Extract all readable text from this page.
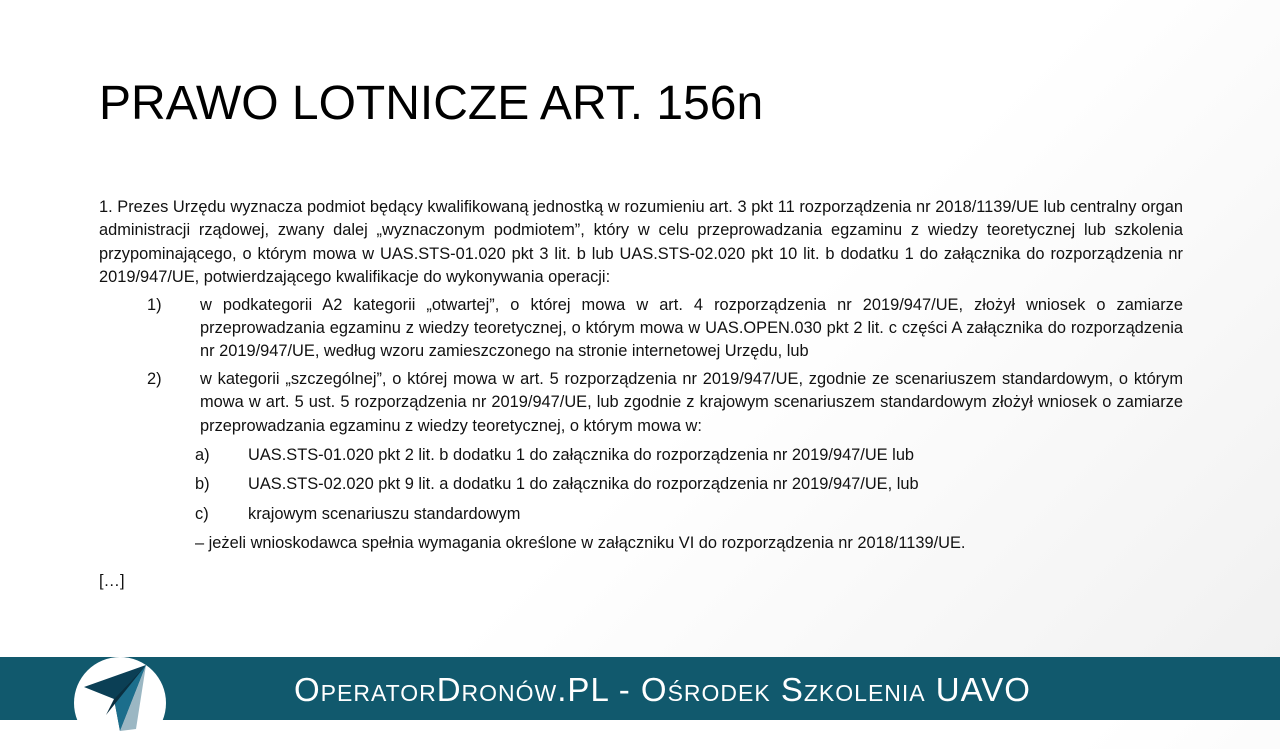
PRAWO LOTNICZE ART. 156n

1. Prezes Urzędu wyznacza podmiot będący kwalifikowaną jednostką w rozumieniu art. 3 pkt 11 rozporządzenia nr 2018/1139/UE lub centralny organ administracji rządowej, zwany dalej „wyznaczonym podmiotem”, który w celu przeprowadzania egzaminu z wiedzy teoretycznej lub szkolenia przypominającego, o którym mowa w UAS.STS-01.020 pkt 3 lit. b lub UAS.STS-02.020 pkt 10 lit. b dodatku 1 do załącznika do rozporządzenia nr 2019/947/UE, potwierdzającego kwalifikacje do wykonywania operacji:

1) w podkategorii A2 kategorii „otwartej”, o której mowa w art. 4 rozporządzenia nr 2019/947/UE, złożył wniosek o zamiarze przeprowadzania egzaminu z wiedzy teoretycznej, o którym mowa w UAS.OPEN.030 pkt 2 lit. c części A załącznika do rozporządzenia nr 2019/947/UE, według wzoru zamieszczonego na stronie internetowej Urzędu, lub
2) w kategorii „szczególnej”, o której mowa w art. 5 rozporządzenia nr 2019/947/UE, zgodnie ze scenariuszem standardowym, o którym mowa w art. 5 ust. 5 rozporządzenia nr 2019/947/UE, lub zgodnie z krajowym scenariuszem standardowym złożył wniosek o zamiarze przeprowadzania egzaminu z wiedzy teoretycznej, o którym mowa w:
a) UAS.STS-01.020 pkt 2 lit. b dodatku 1 do załącznika do rozporządzenia nr 2019/947/UE lub
b) UAS.STS-02.020 pkt 9 lit. a dodatku 1 do załącznika do rozporządzenia nr 2019/947/UE, lub
c) krajowym scenariuszu standardowym
– jeżeli wnioskodawca spełnia wymagania określone w załączniku VI do rozporządzenia nr 2018/1139/UE.
[…]
OperatorDronów.PL - Ośrodek Szkolenia UAVO
